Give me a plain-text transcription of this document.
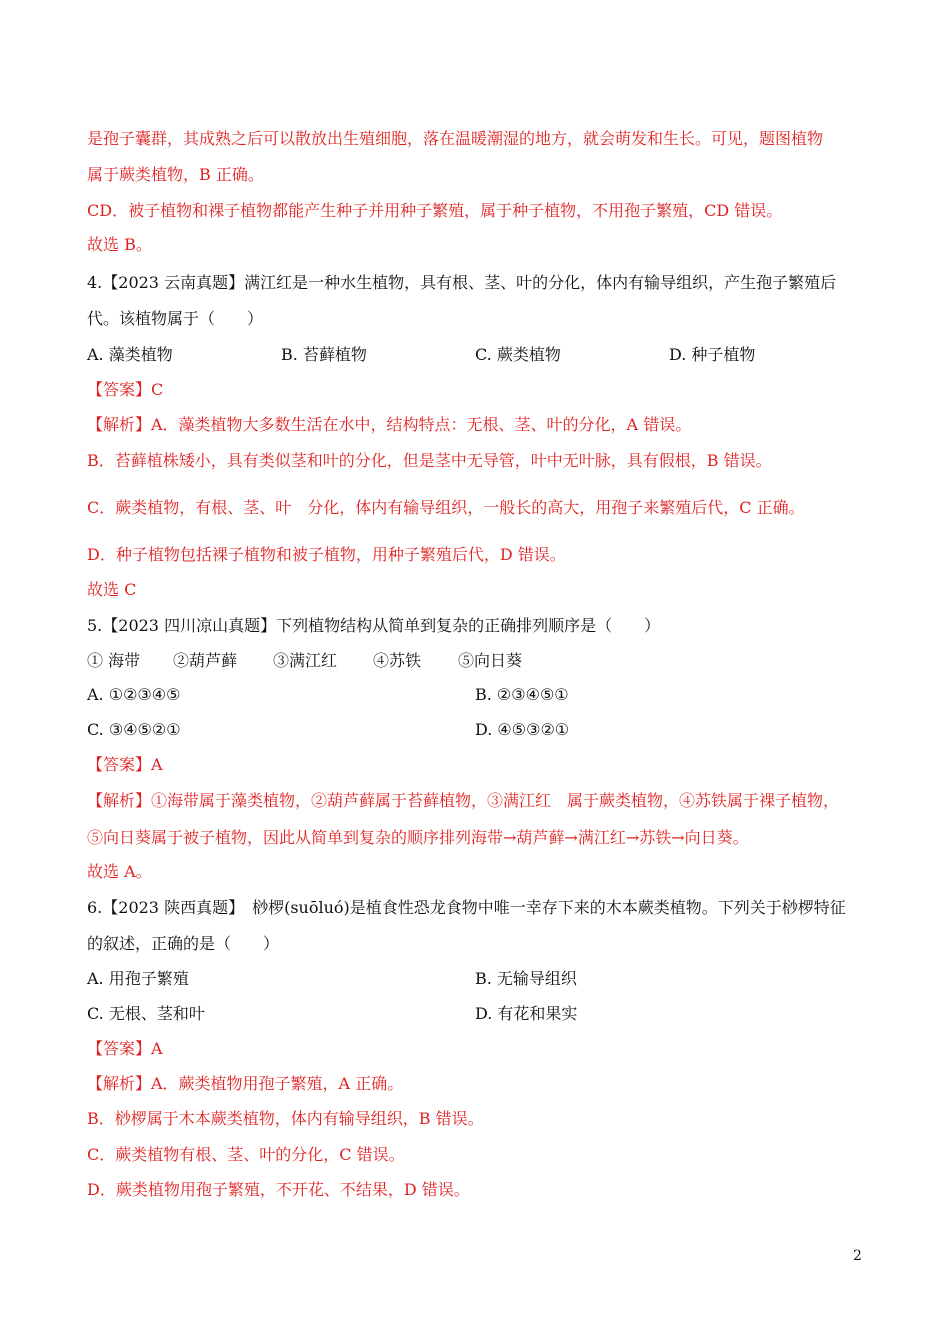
是孢子囊群，其成熟之后可以散放出生殖细胞，落在温暖潮湿的地方，就会萌发和生长。可见，题图植物
属于蕨类植物，B 正确。
CD．被子植物和裸子植物都能产生种子并用种子繁殖，属于种子植物，不用孢子繁殖，CD 错误。
故选 B。
4.【2023 云南真题】满江红是一种水生植物，具有根、茎、叶的分化，体内有输导组织，产生孢子繁殖后
代。该植物属于（　　）
A. 藻类植物	B. 苔藓植物	C. 蕨类植物	D. 种子植物
【答案】C
【解析】A．藻类植物大多数生活在水中，结构特点：无根、茎、叶的分化，A 错误。
B．苔藓植株矮小，具有类似茎和叶的分化，但是茎中无导管，叶中无叶脉，具有假根，B 错误。
C．蕨类植物，有根、茎、叶　分化，体内有输导组织，一般长的高大，用孢子来繁殖后代，C 正确。
D．种子植物包括裸子植物和被子植物，用种子繁殖后代，D 错误。
故选 C
5.【2023 四川凉山真题】下列植物结构从简单到复杂的正确排列顺序是（　　）
① 海带 ②葫芦藓 ③满江红 ④苏铁 ⑤向日葵
A. ①②③④⑤	B. ②③④⑤①
C. ③④⑤②①	D. ④⑤③②①
【答案】A
【解析】①海带属于藻类植物，②葫芦藓属于苔藓植物，③满江红　属于蕨类植物，④苏铁属于裸子植物，
⑤向日葵属于被子植物，因此从简单到复杂的顺序排列海带→葫芦藓→满江红→苏铁→向日葵。
故选 A。
6.【2023 陕西真题】　桫椤(suōluó)是植食性恐龙食物中唯一幸存下来的木本蕨类植物。下列关于桫椤特征
的叙述，正确的是（　　）
A. 用孢子繁殖	B. 无输导组织
C. 无根、茎和叶	D. 有花和果实
【答案】A
【解析】A．蕨类植物用孢子繁殖，A 正确。
B．桫椤属于木本蕨类植物，体内有输导组织，B 错误。
C．蕨类植物有根、茎、叶的分化，C 错误。
D．蕨类植物用孢子繁殖，不开花、不结果，D 错误。
2
